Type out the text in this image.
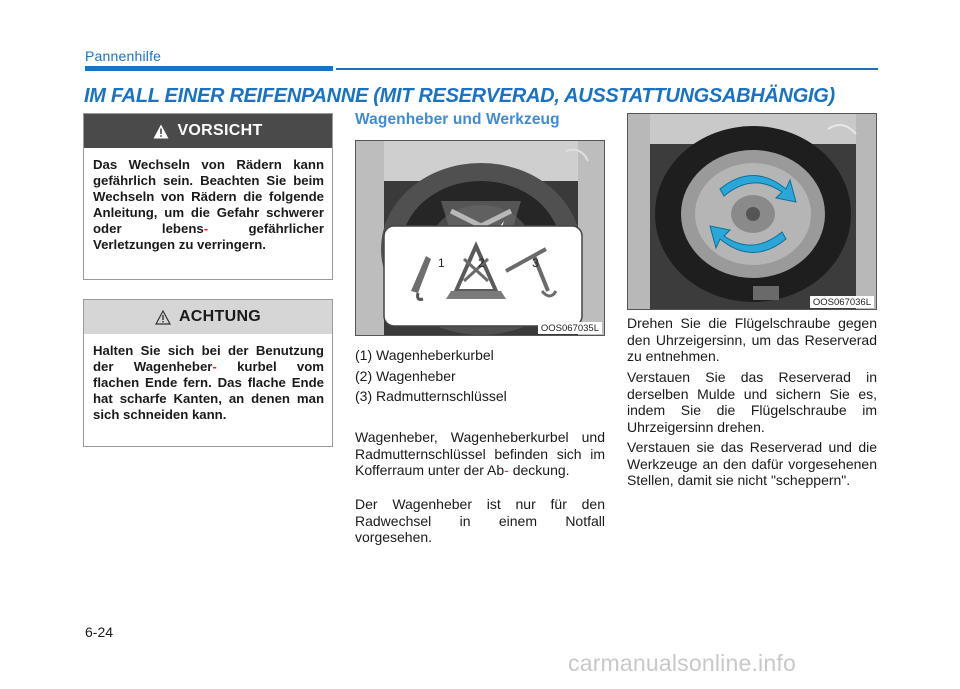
Pannenhilfe
IM FALL EINER REIFENPANNE (MIT RESERVERAD, AUSSTATTUNGSABHÄNGIG)
VORSICHT
Das Wechseln von Rädern kann gefährlich sein. Beachten Sie beim Wechseln von Rädern die folgende Anleitung, um die Gefahr schwerer oder lebens-	gefährlicher Verletzungen zu verringern.
ACHTUNG
Halten Sie sich bei der Benutzung der Wagenheber- kurbel vom flachen Ende fern. Das flache Ende hat scharfe Kanten, an denen man sich schneiden kann.
Wagenheber und Werkzeug
1	2	3
OOS067035L
(1) Wagenheberkurbel
(2) Wagenheber
(3) Radmutternschlüssel
Wagenheber, Wagenheberkurbel und Radmutternschlüssel befinden sich im Kofferraum unter der Ab- deckung.
Der Wagenheber ist nur für den Radwechsel in einem Notfall vorgesehen.
OOS067036L
Drehen Sie die Flügelschraube gegen den Uhrzeigersinn, um das Reserverad zu entnehmen.
Verstauen Sie das Reserverad in derselben Mulde und sichern Sie es, indem Sie die Flügelschraube im Uhrzeigersinn drehen.
Verstauen sie das Reserverad und die Werkzeuge an den dafür vorgesehenen Stellen, damit sie nicht "scheppern".
6-24
carmanualsonline.info
